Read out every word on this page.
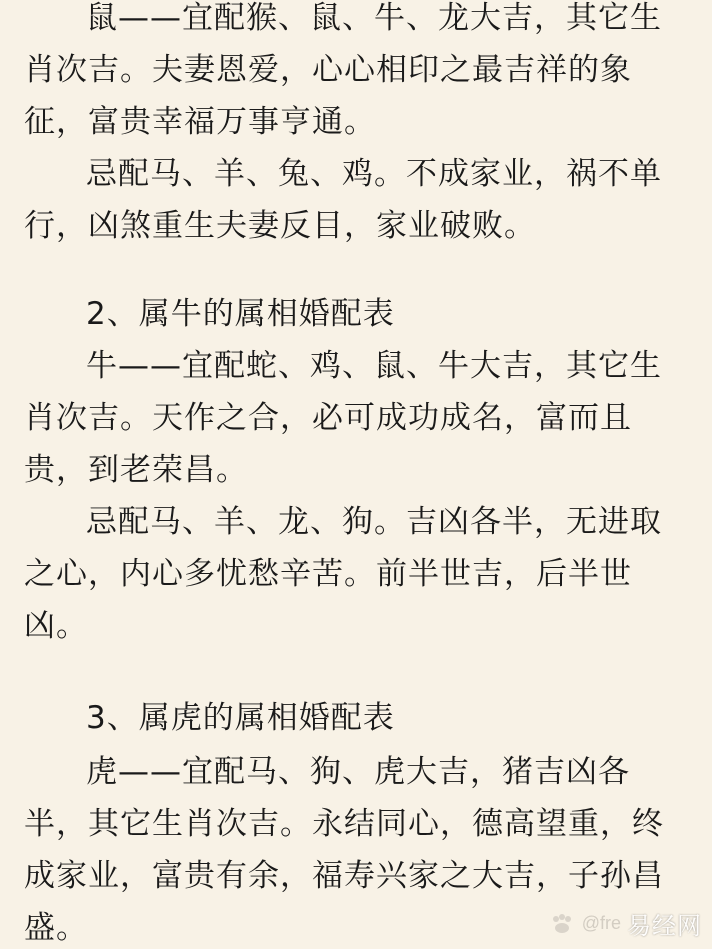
鼠——宜配猴、鼠、牛、龙大吉，其它生
肖次吉。夫妻恩爱，心心相印之最吉祥的象
征，富贵幸福万事亨通。
忌配马、羊、兔、鸡。不成家业，祸不单
行，凶煞重生夫妻反目，家业破败。
2、属牛的属相婚配表
牛——宜配蛇、鸡、鼠、牛大吉，其它生
肖次吉。天作之合，必可成功成名，富而且
贵，到老荣昌。
忌配马、羊、龙、狗。吉凶各半，无进取
之心，内心多忧愁辛苦。前半世吉，后半世
凶。
3、属虎的属相婚配表
虎——宜配马、狗、虎大吉，猪吉凶各
半，其它生肖次吉。永结同心，德高望重，终
成家业，富贵有余，福寿兴家之大吉，子孙昌
盛。	@fre 易经网
